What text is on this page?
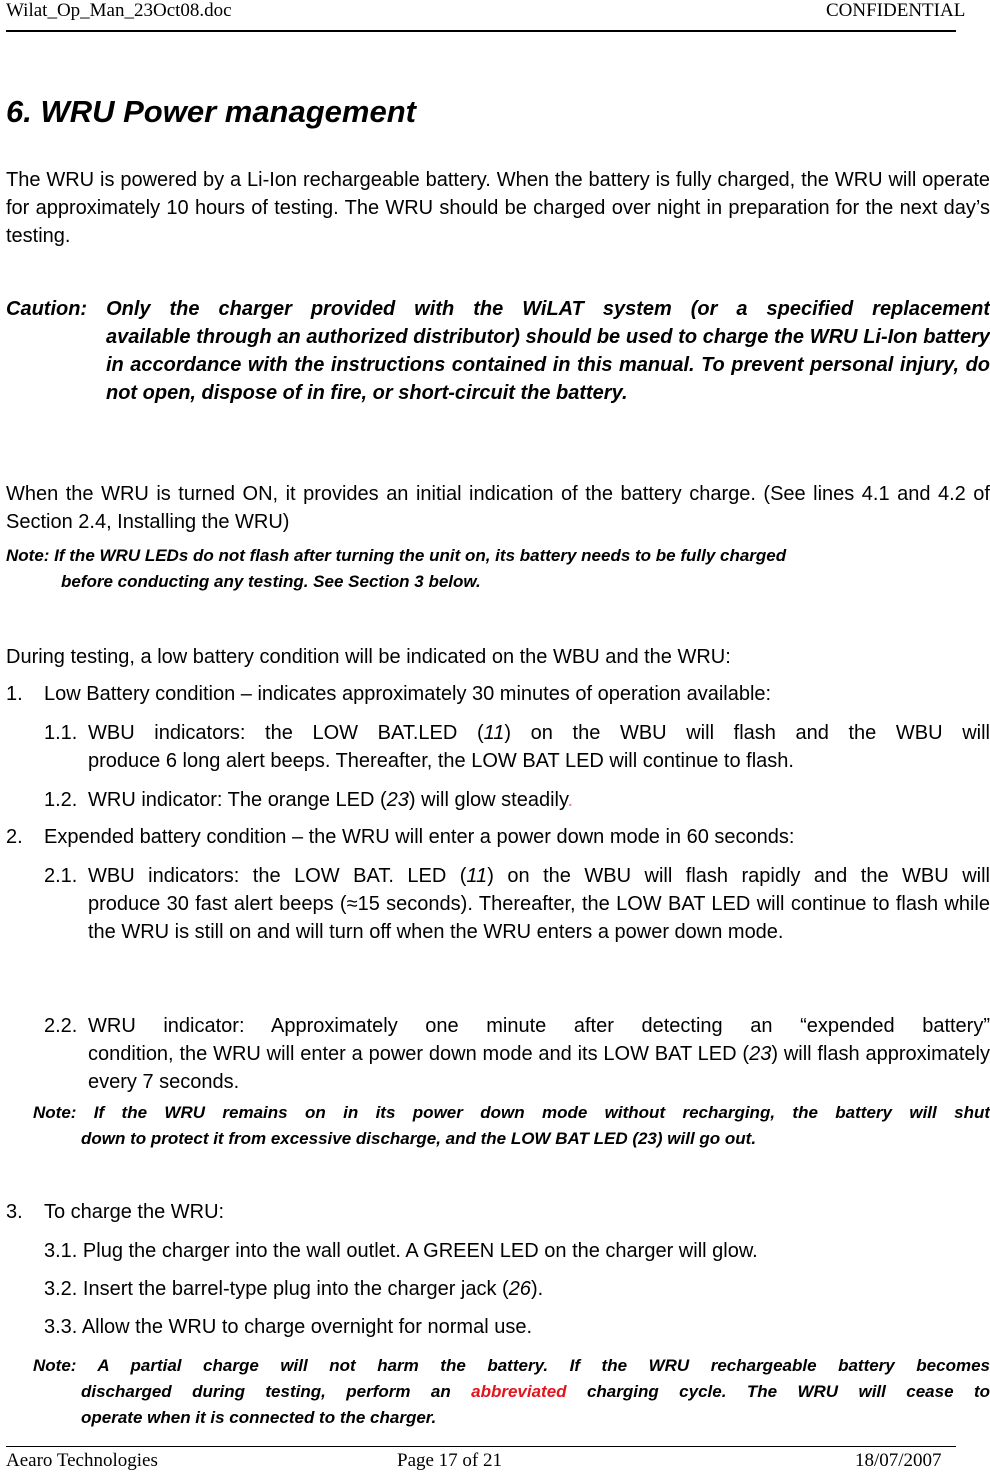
Wilat_Op_Man_23Oct08.doc	CONFIDENTIAL
6. WRU Power management
The WRU is powered by a Li-Ion rechargeable battery. When the battery is fully charged, the WRU will operate for approximately 10 hours of testing. The WRU should be charged over night in preparation for the next day’s testing.
Caution: Only the charger provided with the WiLAT system (or a specified replacement
available through an authorized distributor) should be used to charge the WRU Li-Ion battery in accordance with the instructions contained in this manual. To prevent personal injury, do not open, dispose of in fire, or short-circuit the battery.
When the WRU is turned ON, it provides an initial indication of the battery charge. (See lines 4.1 and 4.2 of Section 2.4, Installing the WRU)
Note: If the WRU LEDs do not flash after turning the unit on, its battery needs to be fully charged
before conducting any testing. See Section 3 below.
During testing, a low battery condition will be indicated on the WBU and the WRU:
1. Low Battery condition – indicates approximately 30 minutes of operation available:
1.1. WBU indicators: the LOW BAT.LED (11) on the WBU will flash and the WBU will
produce 6 long alert beeps. Thereafter, the LOW BAT LED will continue to flash.
1.2. WRU indicator: The orange LED (23) will glow steadily.
2. Expended battery condition – the WRU will enter a power down mode in 60 seconds:
2.1. WBU indicators: the LOW BAT. LED (11) on the WBU will flash rapidly and the WBU will
produce 30 fast alert beeps (≈15 seconds). Thereafter, the LOW BAT LED will continue to flash while the WRU is still on and will turn off when the WRU enters a power down mode.
2.2. WRU indicator: Approximately one minute after detecting an “expended battery”
condition, the WRU will enter a power down mode and its LOW BAT LED (23) will flash approximately every 7 seconds.
Note: If the WRU remains on in its power down mode without recharging, the battery will shut
down to protect it from excessive discharge, and the LOW BAT LED (23) will go out.
3. To charge the WRU:
3.1. Plug the charger into the wall outlet. A GREEN LED on the charger will glow.
3.2. Insert the barrel-type plug into the charger jack (26).
3.3. Allow the WRU to charge overnight for normal use.
Note: A partial charge will not harm the battery. If the WRU rechargeable battery becomes
discharged during testing, perform an abbreviated charging cycle. The WRU will cease to
operate when it is connected to the charger.
Aearo Technologies	Page 17 of 21	18/07/2007
